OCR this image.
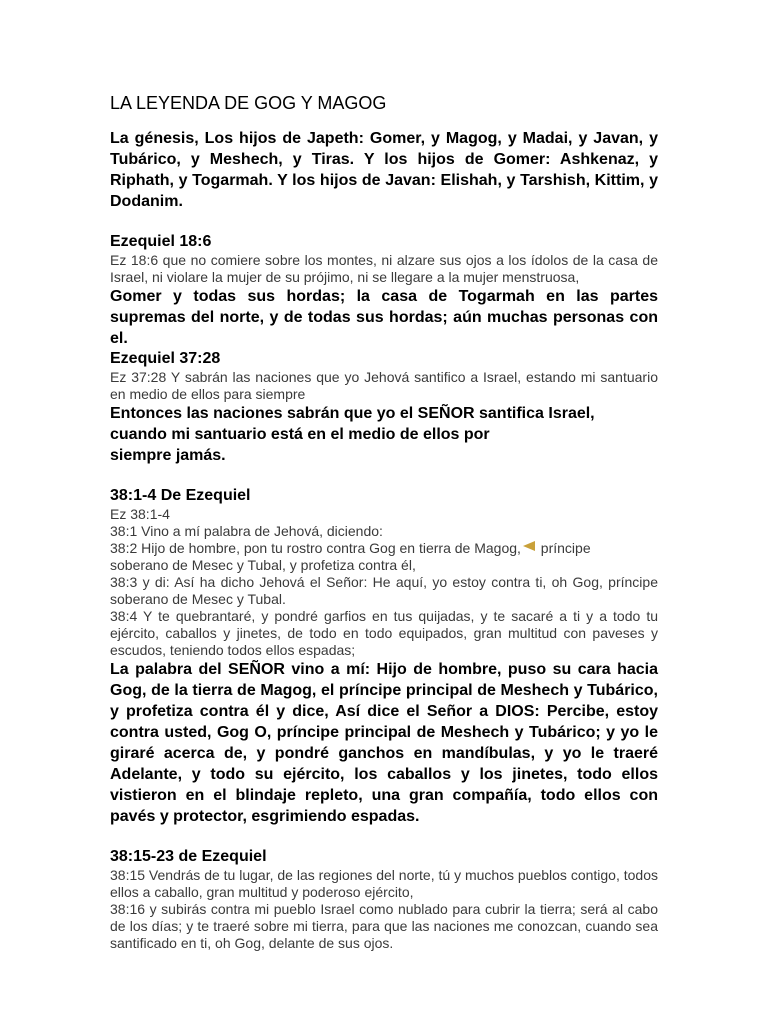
LA LEYENDA DE GOG Y MAGOG

La génesis, Los hijos de Japeth: Gomer, y Magog, y Madai, y Javan, y Tubárico, y Meshech, y Tiras. Y los hijos de Gomer: Ashkenaz, y Riphath, y Togarmah. Y los hijos de Javan: Elishah, y Tarshish, Kittim, y Dodanim.

Ezequiel 18:6

Ez 18:6 que no comiere sobre los montes, ni alzare sus ojos a los ídolos de la casa de Israel, ni violare la mujer de su prójimo, ni se llegare a la mujer menstruosa,

Gomer y todas sus hordas; la casa de Togarmah en las partes supremas del norte, y de todas sus hordas; aún muchas personas con el.

Ezequiel 37:28

Ez 37:28 Y sabrán las naciones que yo Jehová santifico a Israel, estando mi santuario en medio de ellos para siempre

Entonces las naciones sabrán que yo el SEÑOR santifica Israel,

cuando mi santuario está en el medio de ellos por

siempre jamás.

38:1-4 De Ezequiel

Ez 38:1-4

38:1 Vino a mí palabra de Jehová, diciendo:

38:2 Hijo de hombre, pon tu rostro contra Gog en tierra de Magog, príncipe

soberano de Mesec y Tubal, y profetiza contra él,

38:3 y di: Así ha dicho Jehová el Señor: He aquí, yo estoy contra ti, oh Gog, príncipe soberano de Mesec y Tubal.

38:4 Y te quebrantaré, y pondré garfios en tus quijadas, y te sacaré a ti y a todo tu ejército, caballos y jinetes, de todo en todo equipados, gran multitud con paveses y escudos, teniendo todos ellos espadas;

La palabra del SEÑOR vino a mí: Hijo de hombre, puso su cara hacia Gog, de la tierra de Magog, el príncipe principal de Meshech y Tubárico, y profetiza contra él y dice, Así dice el Señor a DIOS: Percibe, estoy contra usted, Gog O, príncipe principal de Meshech y Tubárico; y yo le giraré acerca de, y pondré ganchos en mandíbulas, y yo le traeré Adelante, y todo su ejército, los caballos y los jinetes, todo ellos vistieron en el blindaje repleto, una gran compañía, todo ellos con pavés y protector, esgrimiendo espadas.

38:15-23 de Ezequiel

38:15 Vendrás de tu lugar, de las regiones del norte, tú y muchos pueblos contigo, todos ellos a caballo, gran multitud y poderoso ejército,

38:16 y subirás contra mi pueblo Israel como nublado para cubrir la tierra; será al cabo de los días; y te traeré sobre mi tierra, para que las naciones me conozcan, cuando sea santificado en ti, oh Gog, delante de sus ojos.
